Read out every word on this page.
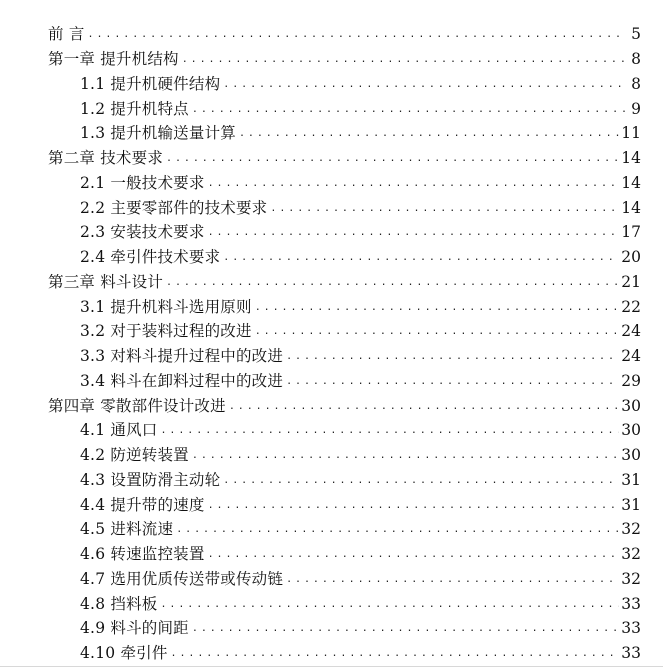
前 言 . . .	5
第一章 提升机结构 . . .	8
1.1 提升机硬件结构 . . .	8
1.2 提升机特点 . . .	9
1.3 提升机输送量计算 . . .	11
第二章 技术要求 . . .	14
2.1 一般技术要求 . . .	14
2.2 主要零部件的技术要求 . . .	14
2.3 安装技术要求 . . .	17
2.4 牵引件技术要求 . . .	20
第三章 料斗设计 . . .	21
3.1 提升机料斗选用原则 . . .	22
3.2 对于装料过程的改进 . . .	24
3.3 对料斗提升过程中的改进 . . .	24
3.4 料斗在卸料过程中的改进 . . .	29
第四章 零散部件设计改进 . . .	30
4.1 通风口 . . .	30
4.2 防逆转装置 . . .	30
4.3 设置防滑主动轮 . . .	31
4.4 提升带的速度 . . .	31
4.5 进料流速 . . .	32
4.6 转速监控装置 . . .	32
4.7 选用优质传送带或传动链 . . .	32
4.8 挡料板 . . .	33
4.9 料斗的间距 . . .	33
4.10 牵引件 . . .	33
